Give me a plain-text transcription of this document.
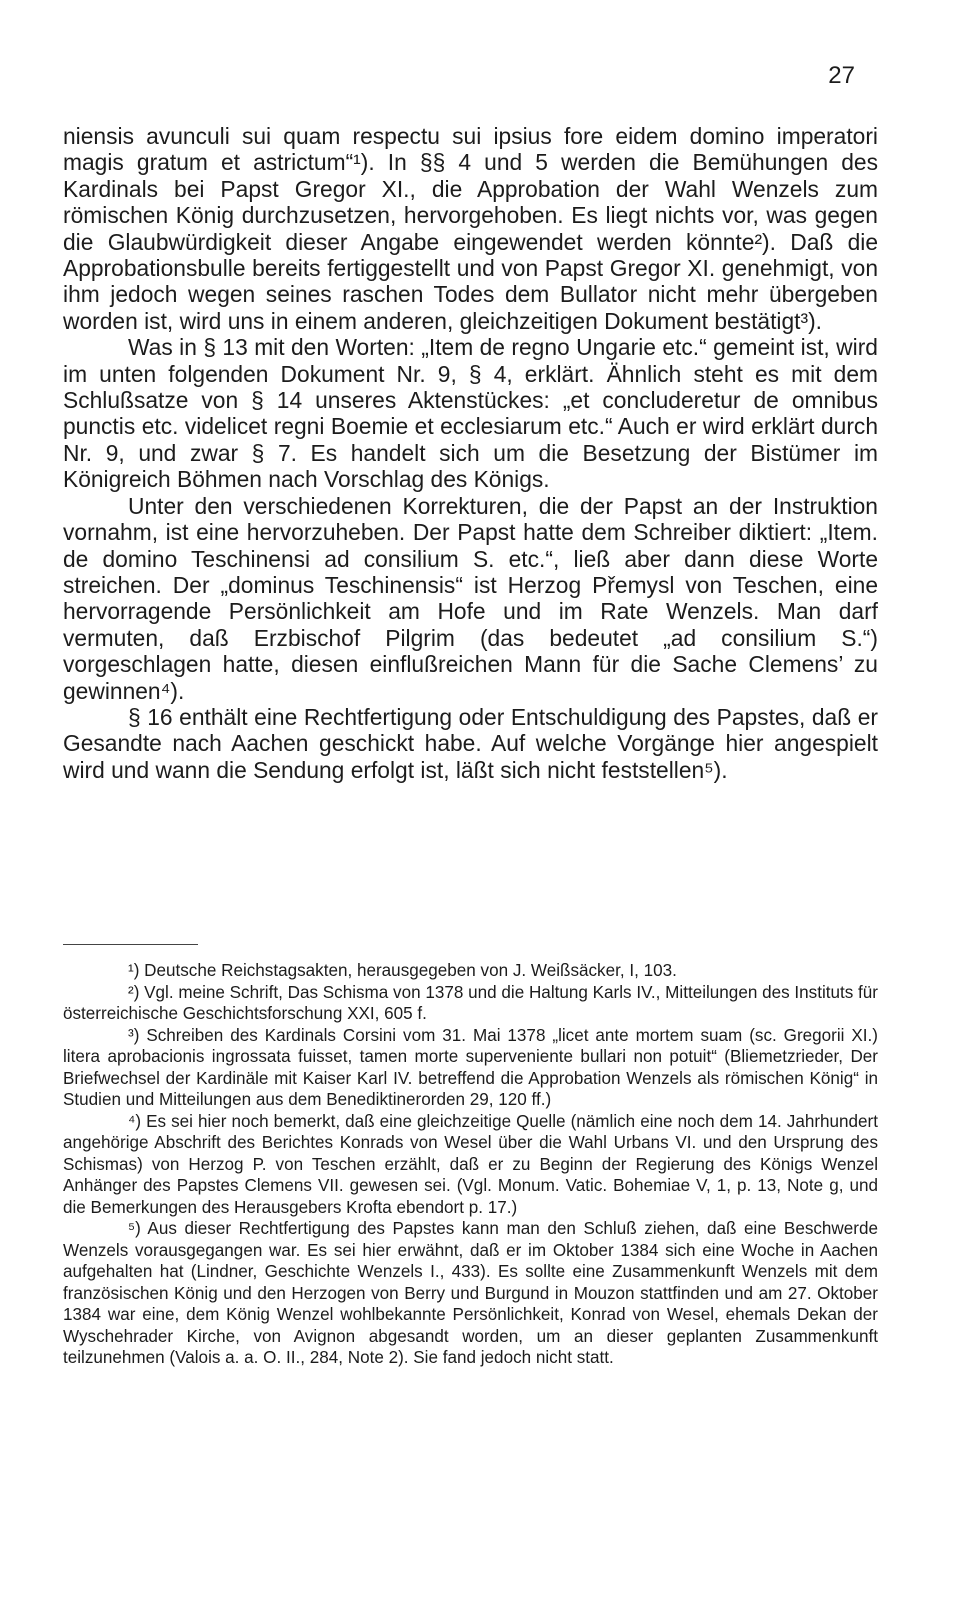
27

niensis avunculi sui quam respectu sui ipsius fore eidem domino imperatori magis gratum et astrictum“¹). In §§ 4 und 5 werden die Bemühungen des Kardinals bei Papst Gregor XI., die Approbation der Wahl Wenzels zum römischen König durchzusetzen, hervorgehoben. Es liegt nichts vor, was gegen die Glaubwürdigkeit dieser Angabe eingewendet werden könnte²). Daß die Approbationsbulle bereits fertiggestellt und von Papst Gregor XI. genehmigt, von ihm jedoch wegen seines raschen Todes dem Bullator nicht mehr übergeben worden ist, wird uns in einem anderen, gleichzeitigen Dokument bestätigt³).

Was in § 13 mit den Worten: „Item de regno Ungarie etc.“ gemeint ist, wird im unten folgenden Dokument Nr. 9, § 4, erklärt. Ähnlich steht es mit dem Schlußsatze von § 14 unseres Aktenstückes: „et concluderetur de omnibus punctis etc. videlicet regni Boemie et ecclesiarum etc.“ Auch er wird erklärt durch Nr. 9, und zwar § 7. Es handelt sich um die Besetzung der Bistümer im Königreich Böhmen nach Vorschlag des Königs.

Unter den verschiedenen Korrekturen, die der Papst an der Instruktion vornahm, ist eine hervorzuheben. Der Papst hatte dem Schreiber diktiert: „Item. de domino Teschinensi ad consilium S. etc.“, ließ aber dann diese Worte streichen. Der „dominus Teschinensis“ ist Herzog Přemysl von Teschen, eine hervorragende Persönlichkeit am Hofe und im Rate Wenzels. Man darf vermuten, daß Erzbischof Pilgrim (das bedeutet „ad consilium S.“) vorgeschlagen hatte, diesen einflußreichen Mann für die Sache Clemens’ zu gewinnen⁴).

§ 16 enthält eine Rechtfertigung oder Entschuldigung des Papstes, daß er Gesandte nach Aachen geschickt habe. Auf welche Vorgänge hier angespielt wird und wann die Sendung erfolgt ist, läßt sich nicht feststellen⁵).

¹) Deutsche Reichstagsakten, herausgegeben von J. Weißsäcker, I, 103.

²) Vgl. meine Schrift, Das Schisma von 1378 und die Haltung Karls IV., Mitteilungen des Instituts für österreichische Geschichtsforschung XXI, 605 f.

³) Schreiben des Kardinals Corsini vom 31. Mai 1378 „licet ante mortem suam (sc. Gregorii XI.) litera aprobacionis ingrossata fuisset, tamen morte superveniente bullari non potuit“ (Bliemetzrieder, Der Briefwechsel der Kardinäle mit Kaiser Karl IV. betreffend die Approbation Wenzels als römischen König“ in Studien und Mitteilungen aus dem Benediktinerorden 29, 120 ff.)

⁴) Es sei hier noch bemerkt, daß eine gleichzeitige Quelle (nämlich eine noch dem 14. Jahrhundert angehörige Abschrift des Berichtes Konrads von Wesel über die Wahl Urbans VI. und den Ursprung des Schismas) von Herzog P. von Teschen erzählt, daß er zu Beginn der Regierung des Königs Wenzel Anhänger des Papstes Clemens VII. gewesen sei. (Vgl. Monum. Vatic. Bohemiae V, 1, p. 13, Note g, und die Bemerkungen des Herausgebers Krofta ebendort p. 17.)

⁵) Aus dieser Rechtfertigung des Papstes kann man den Schluß ziehen, daß eine Beschwerde Wenzels vorausgegangen war. Es sei hier erwähnt, daß er im Oktober 1384 sich eine Woche in Aachen aufgehalten hat (Lindner, Geschichte Wenzels I., 433). Es sollte eine Zusammenkunft Wenzels mit dem französischen König und den Herzogen von Berry und Burgund in Mouzon stattfinden und am 27. Oktober 1384 war eine, dem König Wenzel wohlbekannte Persönlichkeit, Konrad von Wesel, ehemals Dekan der Wyschehrader Kirche, von Avignon abgesandt worden, um an dieser geplanten Zusammenkunft teilzunehmen (Valois a. a. O. II., 284, Note 2). Sie fand jedoch nicht statt.
